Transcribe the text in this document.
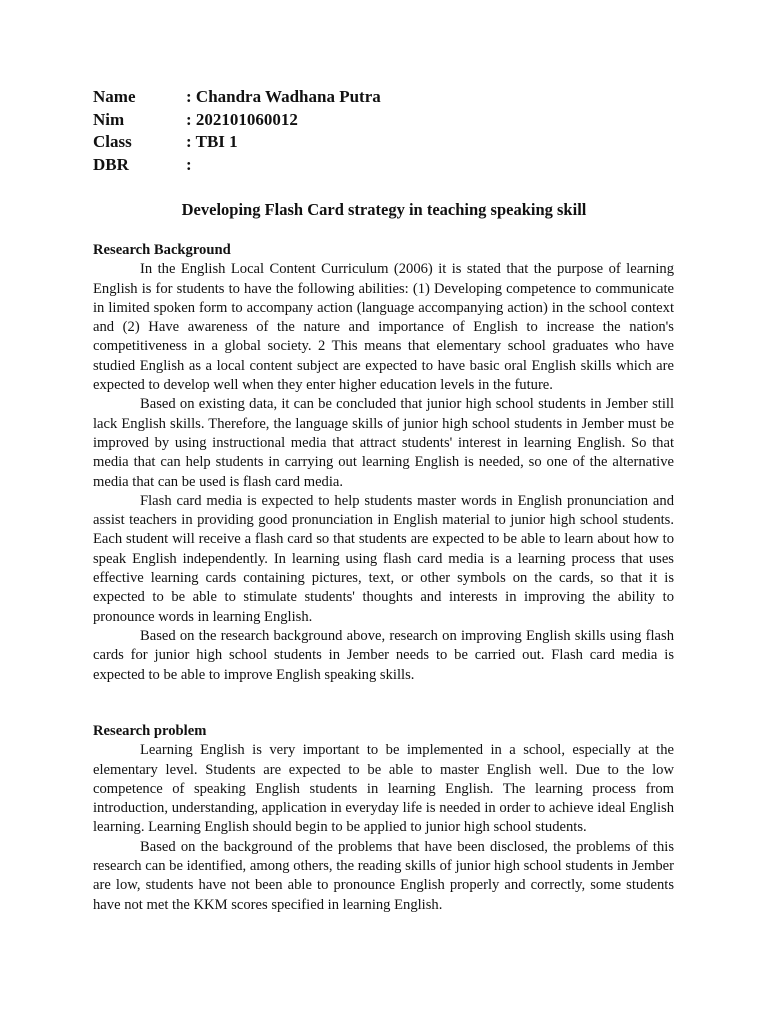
Name	: Chandra Wadhana Putra
Nim	: 202101060012
Class	: TBI 1
DBR	:
Developing Flash Card strategy in teaching speaking skill

Research Background

In the English Local Content Curriculum (2006) it is stated that the purpose of learning English is for students to have the following abilities: (1) Developing competence to communicate in limited spoken form to accompany action (language accompanying action) in the school context and (2) Have awareness of the nature and importance of English to increase the nation's competitiveness in a global society. 2 This means that elementary school graduates who have studied English as a local content subject are expected to have basic oral English skills which are expected to develop well when they enter higher education levels in the future.

Based on existing data, it can be concluded that junior high school students in Jember still lack English skills. Therefore, the language skills of junior high school students in Jember must be improved by using instructional media that attract students' interest in learning English. So that media that can help students in carrying out learning English is needed, so one of the alternative media that can be used is flash card media.

Flash card media is expected to help students master words in English pronunciation and assist teachers in providing good pronunciation in English material to junior high school students. Each student will receive a flash card so that students are expected to be able to learn about how to speak English independently. In learning using flash card media is a learning process that uses effective learning cards containing pictures, text, or other symbols on the cards, so that it is expected to be able to stimulate students' thoughts and interests in improving the ability to pronounce words in learning English.

Based on the research background above, research on improving English skills using flash cards for junior high school students in Jember needs to be carried out. Flash card media is expected to be able to improve English speaking skills.

Research problem

Learning English is very important to be implemented in a school, especially at the elementary level. Students are expected to be able to master English well. Due to the low competence of speaking English students in learning English. The learning process from introduction, understanding, application in everyday life is needed in order to achieve ideal English learning. Learning English should begin to be applied to junior high school students.

Based on the background of the problems that have been disclosed, the problems of this research can be identified, among others, the reading skills of junior high school students in Jember are low, students have not been able to pronounce English properly and correctly, some students have not met the KKM scores specified in learning English.
